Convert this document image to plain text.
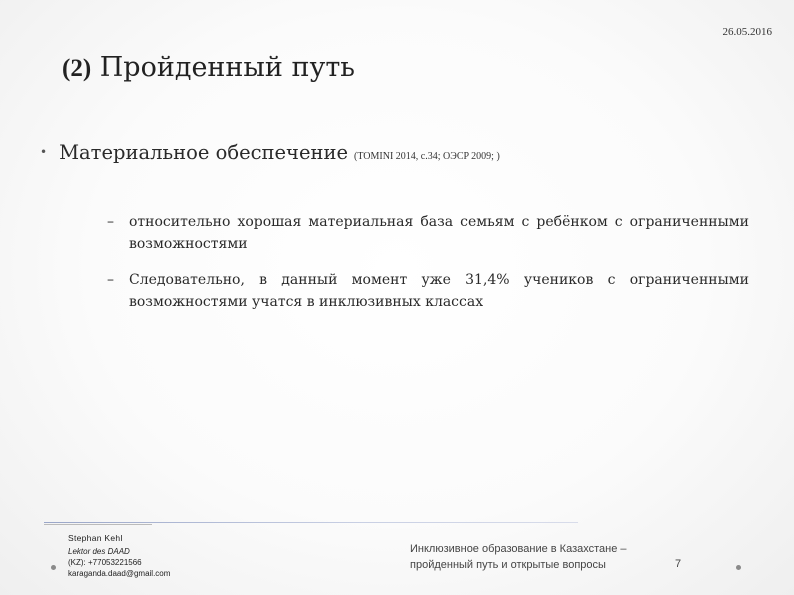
26.05.2016
(2) Пройденный путь
• Материальное обеспечение (TOMINI 2014, c.34; OЭCP 2009; )
– относительно хорошая материальная база семьям с ребёнком с ограниченными возможностями
– Следовательно, в данный момент уже 31,4% учеников с ограниченными возможностями учатся в инклюзивных классах
Stephan Kehl
Lektor des DAAD
(KZ): +77053221566
karaganda.daad@gmail.com
Инклюзивное образование в Казахстане –
пройденный путь и открытые вопросы	7
